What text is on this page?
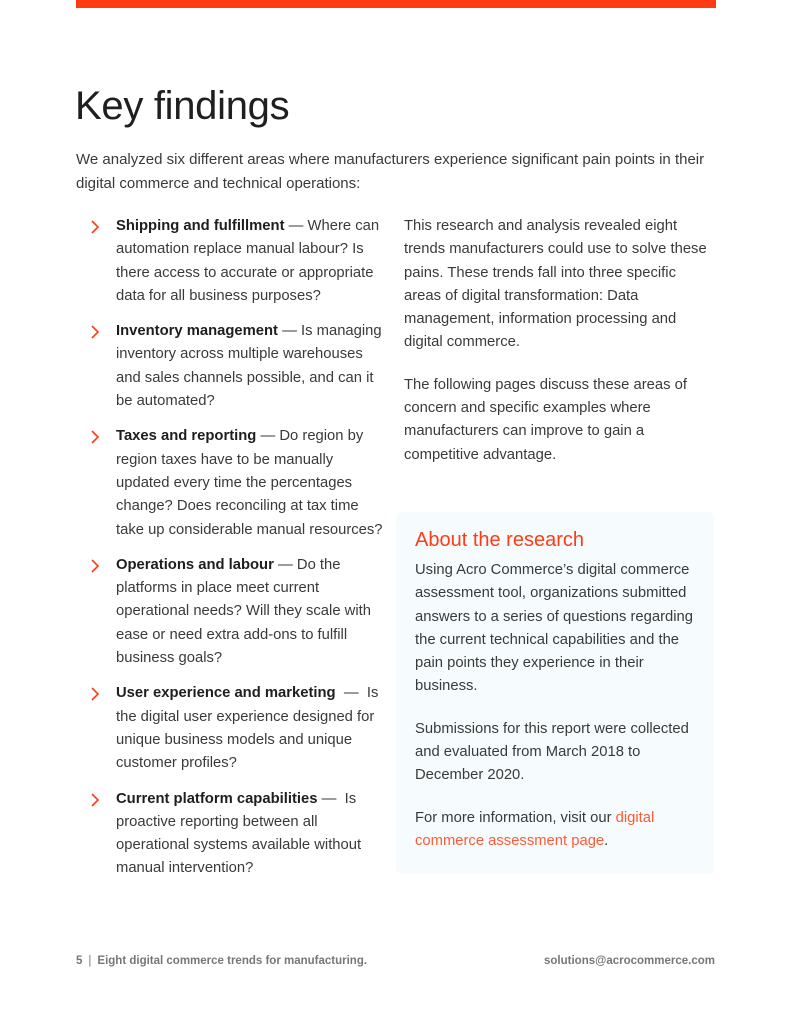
Key findings

We analyzed six different areas where manufacturers experience significant pain points in their digital commerce and technical operations:

Shipping and fulfillment — Where can automation replace manual labour? Is there access to accurate or appropriate data for all business purposes?
Inventory management — Is managing inventory across multiple warehouses and sales channels possible, and can it be automated?
Taxes and reporting — Do region by region taxes have to be manually updated every time the percentages change? Does reconciling at tax time take up considerable manual resources?
Operations and labour — Do the platforms in place meet current operational needs? Will they scale with ease or need extra add-ons to fulfill business goals?
User experience and marketing  —  Is the digital user experience designed for unique business models and unique customer profiles?
Current platform capabilities —  Is proactive reporting between all operational systems available without manual intervention?

This research and analysis revealed eight trends manufacturers could use to solve these pains. These trends fall into three specific areas of digital transformation: Data management, information processing and digital commerce.

The following pages discuss these areas of concern and specific examples where manufacturers can improve to gain a competitive advantage.

About the research

Using Acro Commerce’s digital commerce assessment tool, organizations submitted answers to a series of questions regarding the current technical capabilities and the pain points they experience in their business.

Submissions for this report were collected and evaluated from March 2018 to December 2020.

For more information, visit our digital commerce assessment page.

5 | Eight digital commerce trends for manufacturing.	solutions@acrocommerce.com
